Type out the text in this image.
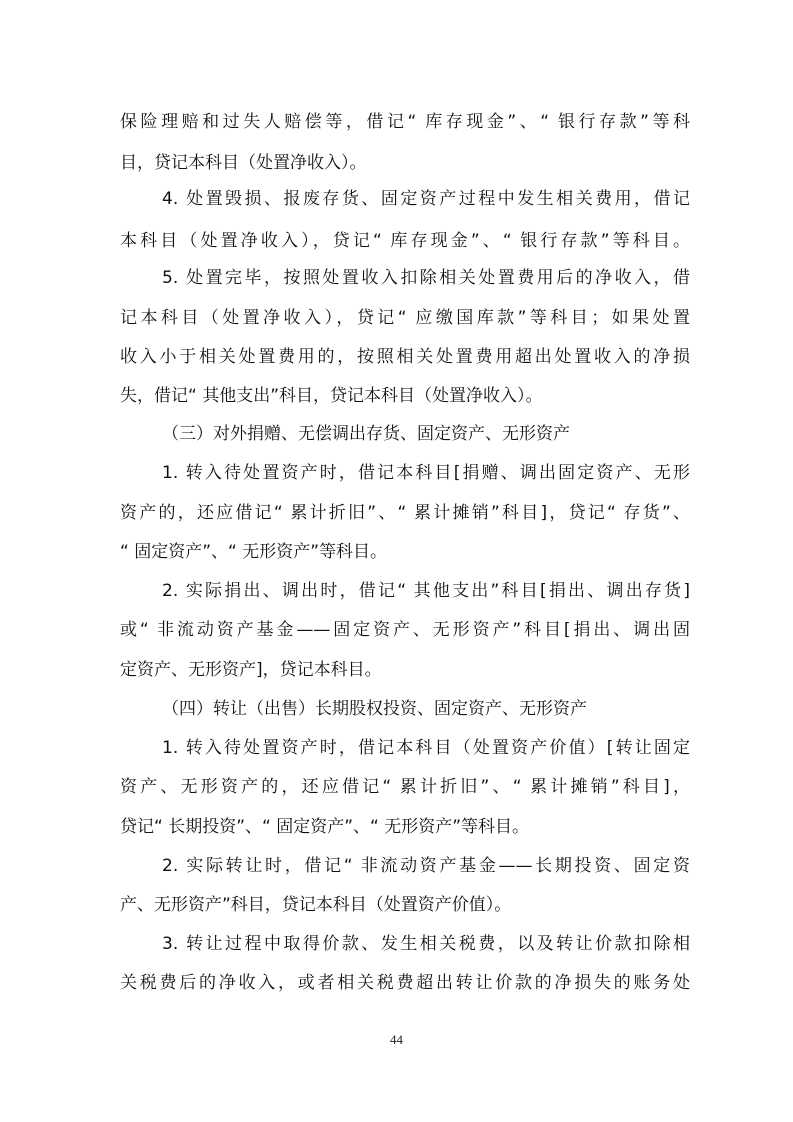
保险理赔和过失人赔偿等，借记“ 库存现金”、“ 银行存款”等科
目，贷记本科目（处置净收入）。
4. 处置毁损、报废存货、固定资产过程中发生相关费用，借记
本科目（处置净收入），贷记“ 库存现金”、“ 银行存款”等科目。
5. 处置完毕，按照处置收入扣除相关处置费用后的净收入，借
记本科目（处置净收入），贷记“ 应缴国库款”等科目；如果处置
收入小于相关处置费用的，按照相关处置费用超出处置收入的净损
失，借记“ 其他支出”科目，贷记本科目（处置净收入）。
（三）对外捐赠、无偿调出存货、固定资产、无形资产
1. 转入待处置资产时，借记本科目[捐赠、调出固定资产、无形
资产的，还应借记“ 累计折旧”、“ 累计摊销”科目]，贷记“ 存货”、
“ 固定资产”、“ 无形资产”等科目。
2. 实际捐出、调出时，借记“ 其他支出”科目[捐出、调出存货]
或“ 非流动资产基金——固定资产、无形资产”科目[捐出、调出固
定资产、无形资产]，贷记本科目。
（四）转让（出售）长期股权投资、固定资产、无形资产
1. 转入待处置资产时，借记本科目（处置资产价值）[转让固定
资产、无形资产的，还应借记“ 累计折旧”、“ 累计摊销”科目]，
贷记“ 长期投资”、“ 固定资产”、“ 无形资产”等科目。
2. 实际转让时，借记“ 非流动资产基金——长期投资、固定资
产、无形资产”科目，贷记本科目（处置资产价值）。
3. 转让过程中取得价款、发生相关税费，以及转让价款扣除相
关税费后的净收入，或者相关税费超出转让价款的净损失的账务处
44
